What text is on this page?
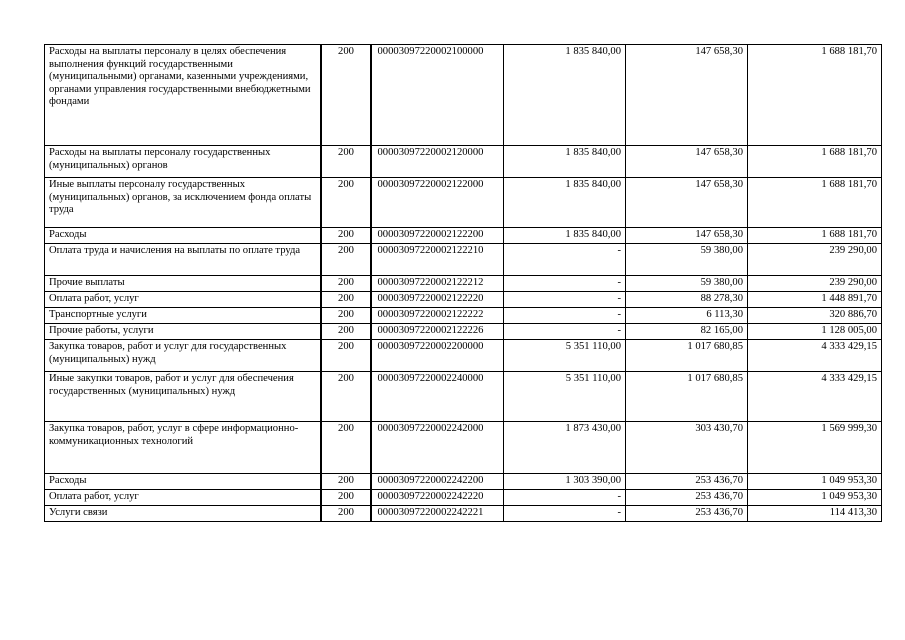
Расходы на выплаты персоналу в целях обеспечения выполнения функций государственными (муниципальными) органами, казенными учреждениями, органами управления государственными внебюджетными фондами	200	00003097220002100000	1 835 840,00	147 658,30	1 688 181,70
Расходы на выплаты персоналу государственных (муниципальных) органов	200	00003097220002120000	1 835 840,00	147 658,30	1 688 181,70
Иные выплаты персоналу государственных (муниципальных) органов, за исключением фонда оплаты труда	200	00003097220002122000	1 835 840,00	147 658,30	1 688 181,70
Расходы	200	00003097220002122200	1 835 840,00	147 658,30	1 688 181,70
Оплата труда и начисления на выплаты по оплате труда	200	00003097220002122210	-	59 380,00	239 290,00
Прочие выплаты	200	00003097220002122212	-	59 380,00	239 290,00
Оплата работ, услуг	200	00003097220002122220	-	88 278,30	1 448 891,70
Транспортные услуги	200	00003097220002122222	-	6 113,30	320 886,70
Прочие работы, услуги	200	00003097220002122226	-	82 165,00	1 128 005,00
Закупка товаров, работ и услуг для государственных (муниципальных) нужд	200	00003097220002200000	5 351 110,00	1 017 680,85	4 333 429,15
Иные закупки товаров, работ и услуг для обеспечения государственных (муниципальных) нужд	200	00003097220002240000	5 351 110,00	1 017 680,85	4 333 429,15
Закупка товаров, работ, услуг в сфере информационно-коммуникационных технологий	200	00003097220002242000	1 873 430,00	303 430,70	1 569 999,30
Расходы	200	00003097220002242200	1 303 390,00	253 436,70	1 049 953,30
Оплата работ, услуг	200	00003097220002242220	-	253 436,70	1 049 953,30
Услуги связи	200	00003097220002242221	-	253 436,70	114 413,30
